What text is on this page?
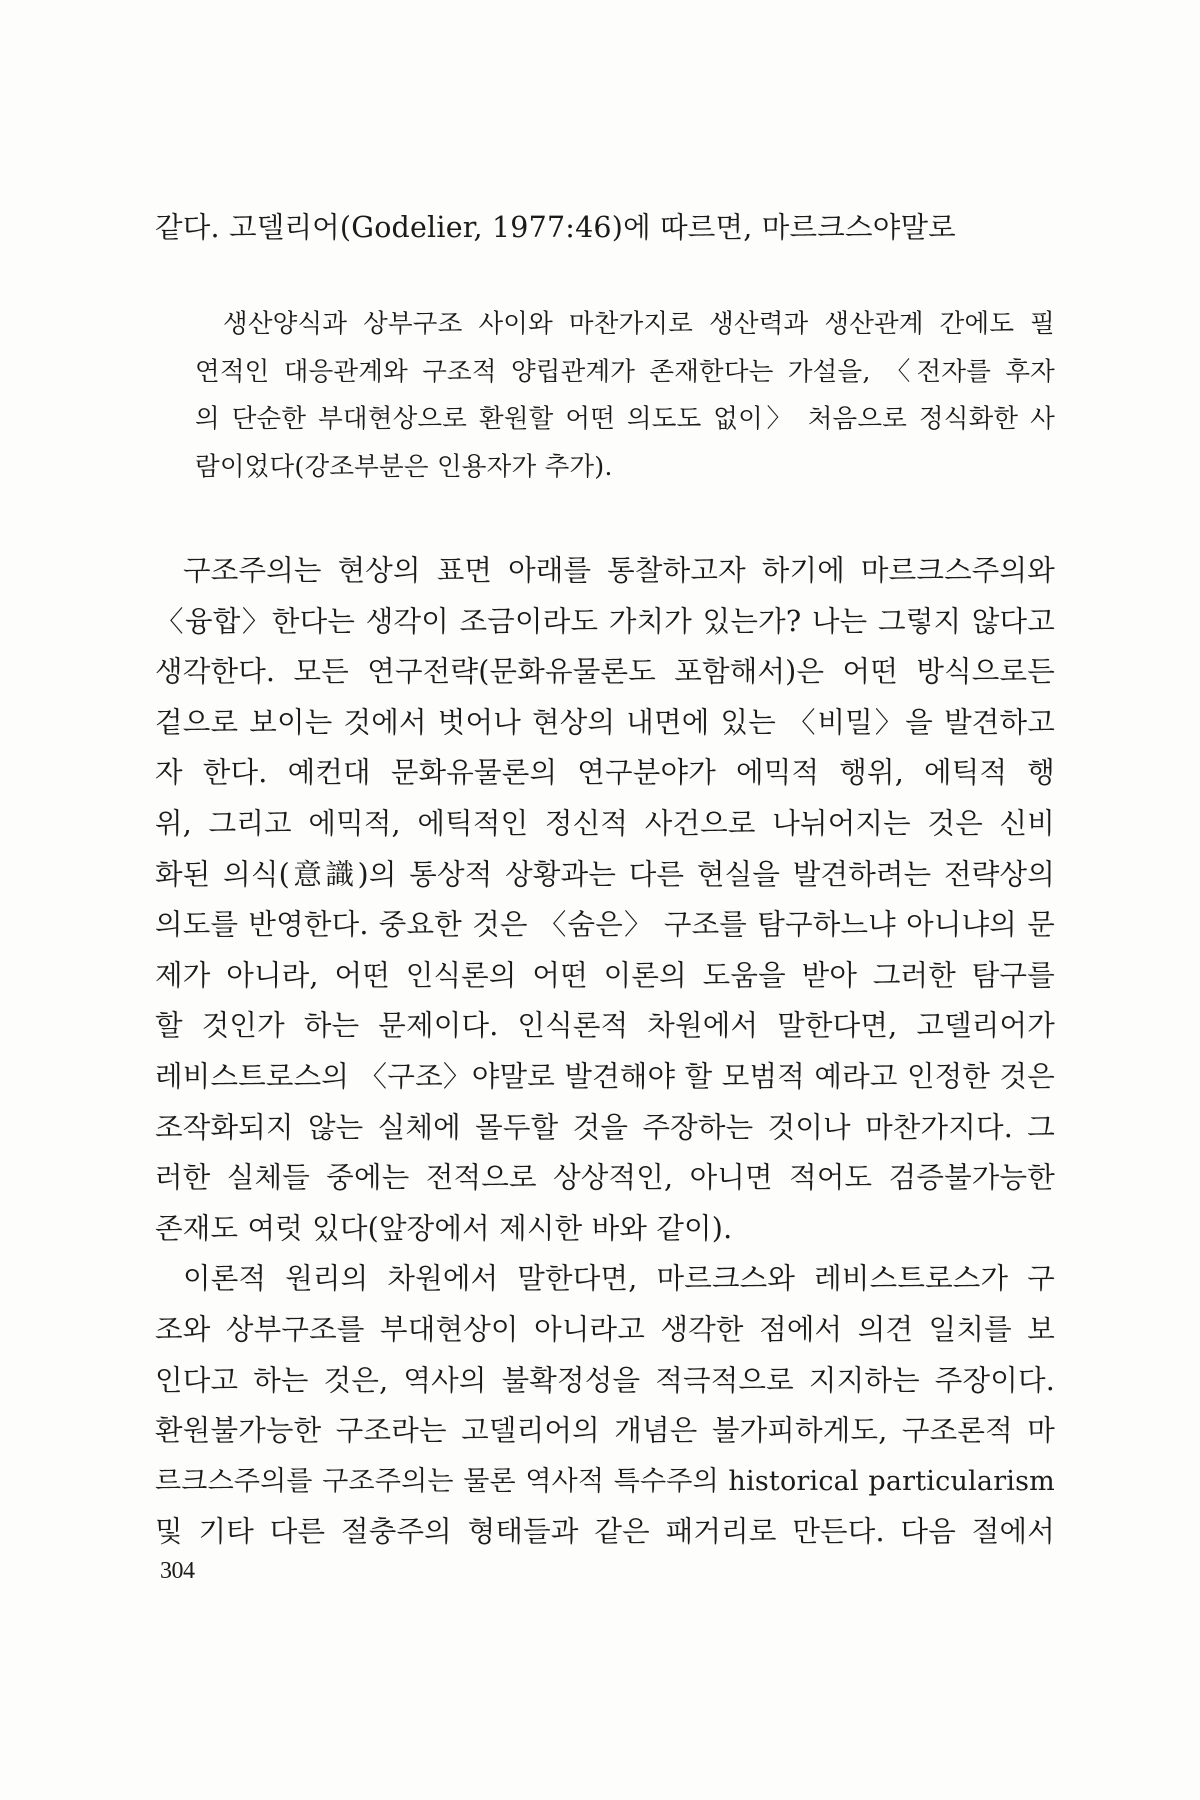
같다. 고델리어(Godelier, 1977:46)에 따르면, 마르크스야말로
생산양식과 상부구조 사이와 마찬가지로 생산력과 생산관계 간에도 필
연적인 대응관계와 구조적 양립관계가 존재한다는 가설을, 〈전자를 후자
의 단순한 부대현상으로 환원할 어떤 의도도 없이〉 처음으로 정식화한 사
람이었다(강조부분은 인용자가 추가).
구조주의는 현상의 표면 아래를 통찰하고자 하기에 마르크스주의와
〈융합〉한다는 생각이 조금이라도 가치가 있는가? 나는 그렇지 않다고
생각한다. 모든 연구전략(문화유물론도 포함해서)은 어떤 방식으로든
겉으로 보이는 것에서 벗어나 현상의 내면에 있는 〈비밀〉을 발견하고
자 한다. 예컨대 문화유물론의 연구분야가 에믹적 행위, 에틱적 행
위, 그리고 에믹적, 에틱적인 정신적 사건으로 나뉘어지는 것은 신비
화된 의식(意識)의 통상적 상황과는 다른 현실을 발견하려는 전략상의
의도를 반영한다. 중요한 것은 〈숨은〉 구조를 탐구하느냐 아니냐의 문
제가 아니라, 어떤 인식론의 어떤 이론의 도움을 받아 그러한 탐구를
할 것인가 하는 문제이다. 인식론적 차원에서 말한다면, 고델리어가
레비스트로스의 〈구조〉야말로 발견해야 할 모범적 예라고 인정한 것은
조작화되지 않는 실체에 몰두할 것을 주장하는 것이나 마찬가지다. 그
러한 실체들 중에는 전적으로 상상적인, 아니면 적어도 검증불가능한
존재도 여럿 있다(앞장에서 제시한 바와 같이).
이론적 원리의 차원에서 말한다면, 마르크스와 레비스트로스가 구
조와 상부구조를 부대현상이 아니라고 생각한 점에서 의견 일치를 보
인다고 하는 것은, 역사의 불확정성을 적극적으로 지지하는 주장이다.
환원불가능한 구조라는 고델리어의 개념은 불가피하게도, 구조론적 마
르크스주의를 구조주의는 물론 역사적 특수주의 historical particularism
및 기타 다른 절충주의 형태들과 같은 패거리로 만든다. 다음 절에서
304
